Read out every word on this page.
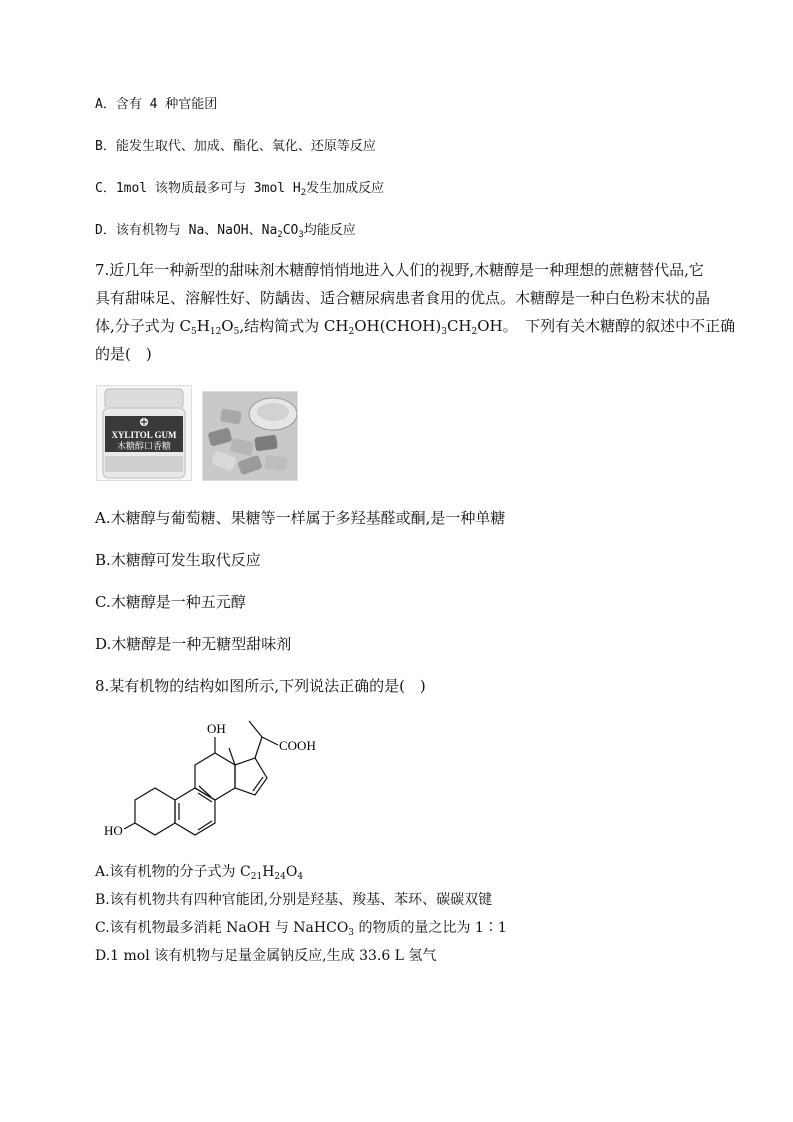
A．含有 4 种官能团
B．能发生取代、加成、酯化、氧化、还原等反应
C．1mol 该物质最多可与 3mol $H_2$发生加成反应
D．该有机物与 Na、NaOH、$Na_2CO_3$均能反应
7.近几年一种新型的甜味剂木糖醇悄悄地进入人们的视野,木糖醇是一种理想的蔗糖替代品,它
具有甜味足、溶解性好、防龋齿、适合糖尿病患者食用的优点。木糖醇是一种白色粉末状的晶
体,分子式为 $C_5H_{12}O_5$,结构简式为 $CH_2OH(CHOH)_3CH_2OH$。　下列有关木糖醇的叙述中不正确
的是(　)
XYLITOL GUM
木糖醇口香糖
A.木糖醇与葡萄糖、果糖等一样属于多羟基醛或酮,是一种单糖
B.木糖醇可发生取代反应
C.木糖醇是一种五元醇
D.木糖醇是一种无糖型甜味剂
8.某有机物的结构如图所示,下列说法正确的是(　)
OH
COOH
HO
A.该有机物的分子式为 $C_{21}H_{24}O_4$
B.该有机物共有四种官能团,分别是羟基、羧基、苯环、碳碳双键
C.该有机物最多消耗 NaOH 与 NaHCO$_3$ 的物质的量之比为 1∶1
D.1 mol 该有机物与足量金属钠反应,生成 33.6 L 氢气
